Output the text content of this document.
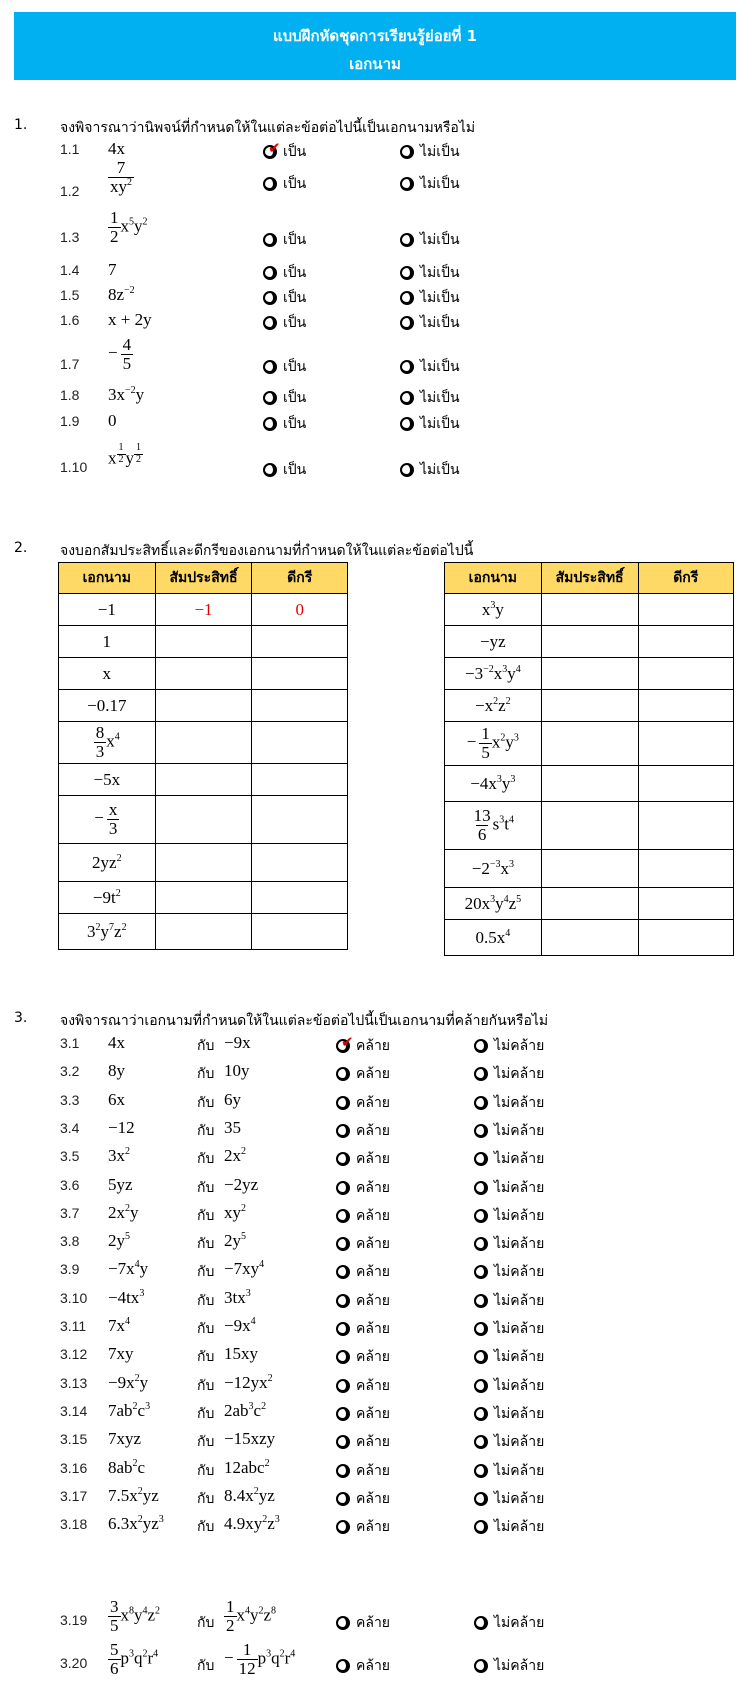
แบบฝึกหัดชุดการเรียนรู้ย่อยที่ 1
เอกนาม
1. จงพิจารณาว่านิพจน์ที่กำหนดให้ในแต่ละข้อต่อไปนี้เป็นเอกนามหรือไม่
1.1 4x	✔ เป็น	ไม่เป็น
$1.2 \frac{7}{xy^2}$	เป็น	ไม่เป็น
$1.3 \frac{1}{2} x^5y^2$
เป็น	ไม่เป็น
1.4 7	เป็น	ไม่เป็น
1.5 $8z^{-2}$	เป็น	ไม่เป็น
1.6 x + 2y	เป็น	ไม่เป็น
1.7
− $\frac{4}{5}$	เป็น	ไม่เป็น
1.8 $3x^{-2}y$	เป็น	ไม่เป็น
1.9 0	เป็น	ไม่เป็น
1.10 x $^{\frac{1}{2}}$ y $^{\frac{1}{2}}$
เป็น	ไม่เป็น
2. จงบอกสัมประสิทธิ์และดีกรีของเอกนามที่กำหนดให้ในแต่ละข้อต่อไปนี้
เอกนาม	สัมประสิทธิ์	ดีกรี
−1	−1	0
1		
x		
−0.17		

$\frac{8}{3} x^4$		
−5x		
− $\frac{x}{3}$

$2yz^2$		
$-9t^2$		
$3^2y^7z^2$		
เอกนาม	สัมประสิทธิ์	ดีกรี
$x^3y$		
−yz		
$-3^{-2}x^3y^4$		
$-x^2z^2$		
− $\frac{1}{5} x^2y^3$		
$-4x^3y^3$		

$\frac{13}{6} s^3t^4$		
$-2^{-3}x^3$		
$20x^3y^4z^5$		
$0.5x^4$		
3. จงพิจารณาว่าเอกนามที่กำหนดให้ในแต่ละข้อต่อไปนี้เป็นเอกนามที่คล้ายกันหรือไม่
3.1 4x	กับ −9x	✔ คล้าย	ไม่คล้าย
3.2 8y	กับ 10y	คล้าย	ไม่คล้าย
3.3 6x	กับ 6y	คล้าย	ไม่คล้าย
3.4 −12	กับ 35	คล้าย	ไม่คล้าย
3.5 $3x^2$	กับ $2x^2$	คล้าย	ไม่คล้าย
3.6 5yz	กับ −2yz	คล้าย	ไม่คล้าย
3.7 $2x^2y$	กับ $xy^2$	คล้าย	ไม่คล้าย
3.8 $2y^5$	กับ $2y^5$	คล้าย	ไม่คล้าย
$3.9 -7x^4y$	กับ $-7xy^4$	คล้าย	ไม่คล้าย
$3.10 -4tx^3$	กับ $3tx^3$	คล้าย	ไม่คล้าย
3.11 $7x^4$	กับ $-9x^4$	คล้าย	ไม่คล้าย
3.12 7xy	กับ 15xy	คล้าย	ไม่คล้าย
$3.13 -9x^2y$	กับ $-12yx^2$	คล้าย	ไม่คล้าย
3.14 $7ab^2c^3$	กับ $2ab^3c^2$	คล้าย	ไม่คล้าย
3.15 7xyz	กับ −15xzy	คล้าย	ไม่คล้าย
3.16 $8ab^2c$	กับ 12abc$^2$	คล้าย	ไม่คล้าย
3.17 $7.5x^2yz$	กับ $8.4x^2yz$	คล้าย	ไม่คล้าย
3.18 $6.3x^2yz^3$ กับ $4.9xy^2z^3$	คล้าย	ไม่คล้าย
$3.19 \frac{3}{5} x^8y^4z^2$
กับ $\frac{1}{2} x^4y^2z^8$
คล้าย	ไม่คล้าย
$3.20 \frac{5}{6} p^3q^2r^4$
กับ − $\frac{1}{12} p^3q^2r^4$
คล้าย	ไม่คล้าย
